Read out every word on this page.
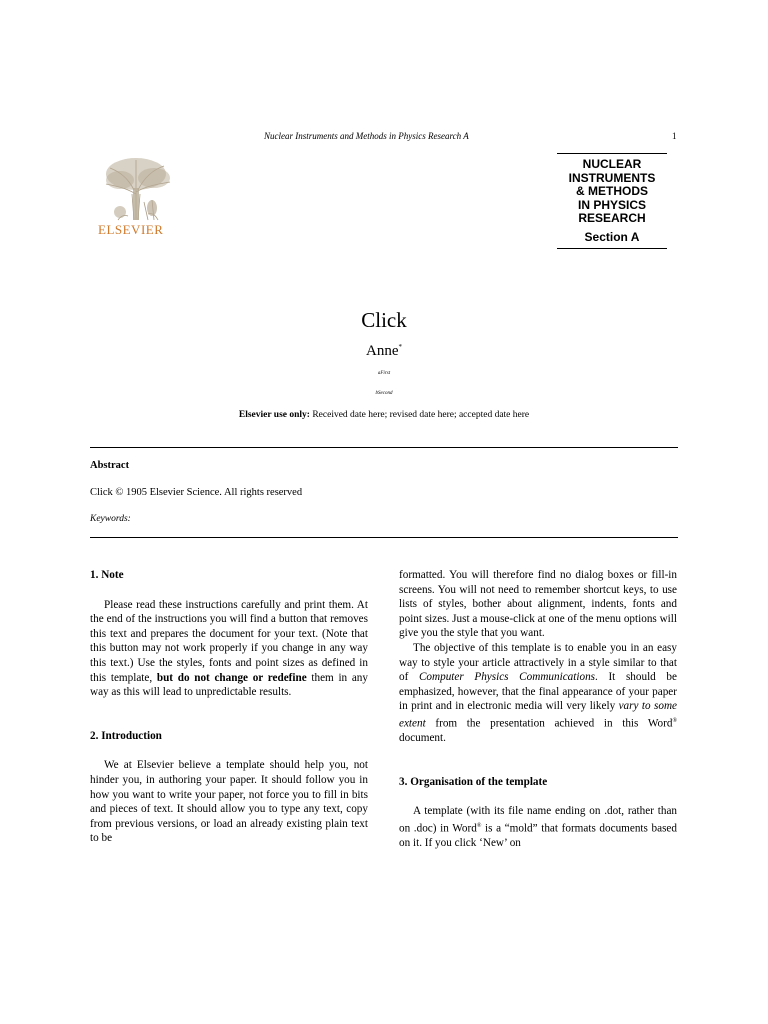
Nuclear Instruments and Methods in Physics Research A	1
ELSEVIER
NUCLEAR
INSTRUMENTS
& METHODS
IN PHYSICS
RESEARCH
Section A
Click
Anne*
aFirst
bSecond
Elsevier use only: Received date here; revised date here; accepted date here
Abstract
Click © 1905 Elsevier Science. All rights reserved
Keywords:
1. Note

Please read these instructions carefully and print them. At the end of the instructions you will find a button that removes this text and prepares the document for your text. (Note that this button may not work properly if you change in any way this text.) Use the styles, fonts and point sizes as defined in this template, but do not change or redefine them in any way as this will lead to unpredictable results.

2. Introduction

We at Elsevier believe a template should help you, not hinder you, in authoring your paper. It should follow you in how you want to write your paper, not force you to fill in bits and pieces of text. It should allow you to type any text, copy from previous versions, or load an already existing plain text to be

formatted. You will therefore find no dialog boxes or fill-in screens. You will not need to remember shortcut keys, to use lists of styles, bother about alignment, indents, fonts and point sizes. Just a mouse-click at one of the menu options will give you the style that you want.

The objective of this template is to enable you in an easy way to style your article attractively in a style similar to that of Computer Physics Communications. It should be emphasized, however, that the final appearance of your paper in print and in electronic media will very likely vary to some extent from the presentation achieved in this Word® document.

3. Organisation of the template

A template (with its file name ending on .dot, rather than on .doc) in Word® is a “mold” that formats documents based on it. If you click ‘New’ on
